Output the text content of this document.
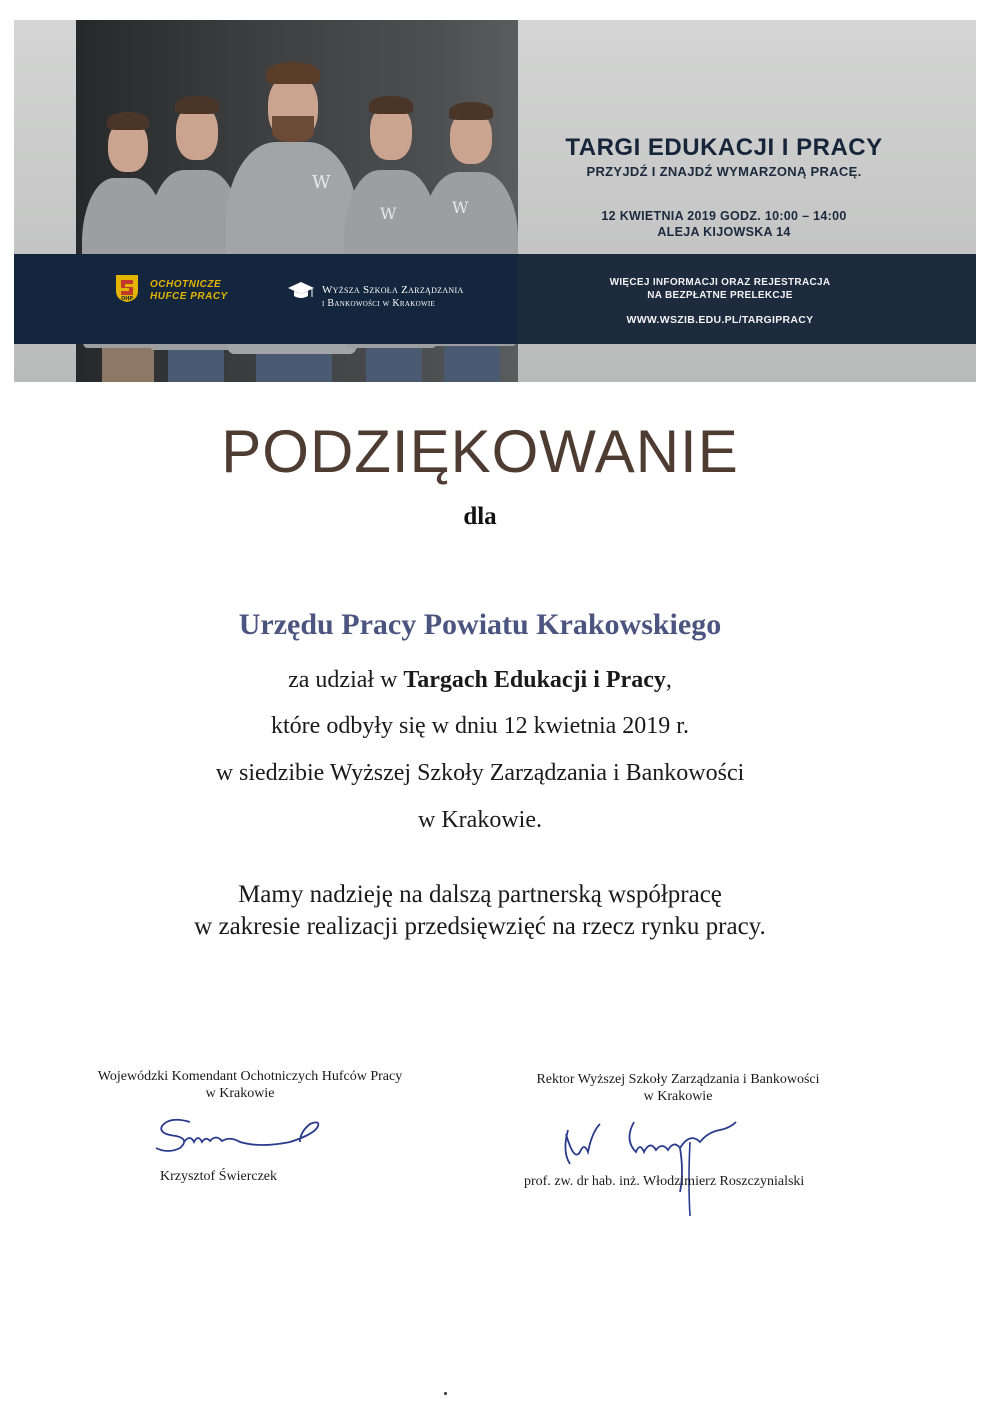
W
W	W
TARGI EDUKACJI I PRACY
PRZYJDŹ I ZNAJDŹ WYMARZONĄ PRACĘ.
12 KWIETNIA 2019 GODZ. 10:00 – 14:00
ALEJA KIJOWSKA 14
OHP
OCHOTNICZE
HUFCE PRACY
Wyższa Szkoła Zarządzania
i Bankowości w Krakowie
WIĘCEJ INFORMACJI ORAZ REJESTRACJA
NA BEZPŁATNE PRELEKCJE
WWW.WSZIB.EDU.PL/TARGIPRACY
PODZIĘKOWANIE
dla
Urzędu Pracy Powiatu Krakowskiego
za udział w Targach Edukacji i Pracy,
które odbyły się w dniu 12 kwietnia 2019 r.
w siedzibie Wyższej Szkoły Zarządzania i Bankowości
w Krakowie.
Mamy nadzieję na dalszą partnerską współpracę
w zakresie realizacji przedsięwzięć na rzecz rynku pracy.
Wojewódzki Komendant Ochotniczych Hufców Pracy
w Krakowie
Krzysztof Świerczek
Rektor Wyższej Szkoły Zarządzania i Bankowości
w Krakowie
prof. zw. dr hab. inż. Włodzimierz Roszczynialski
